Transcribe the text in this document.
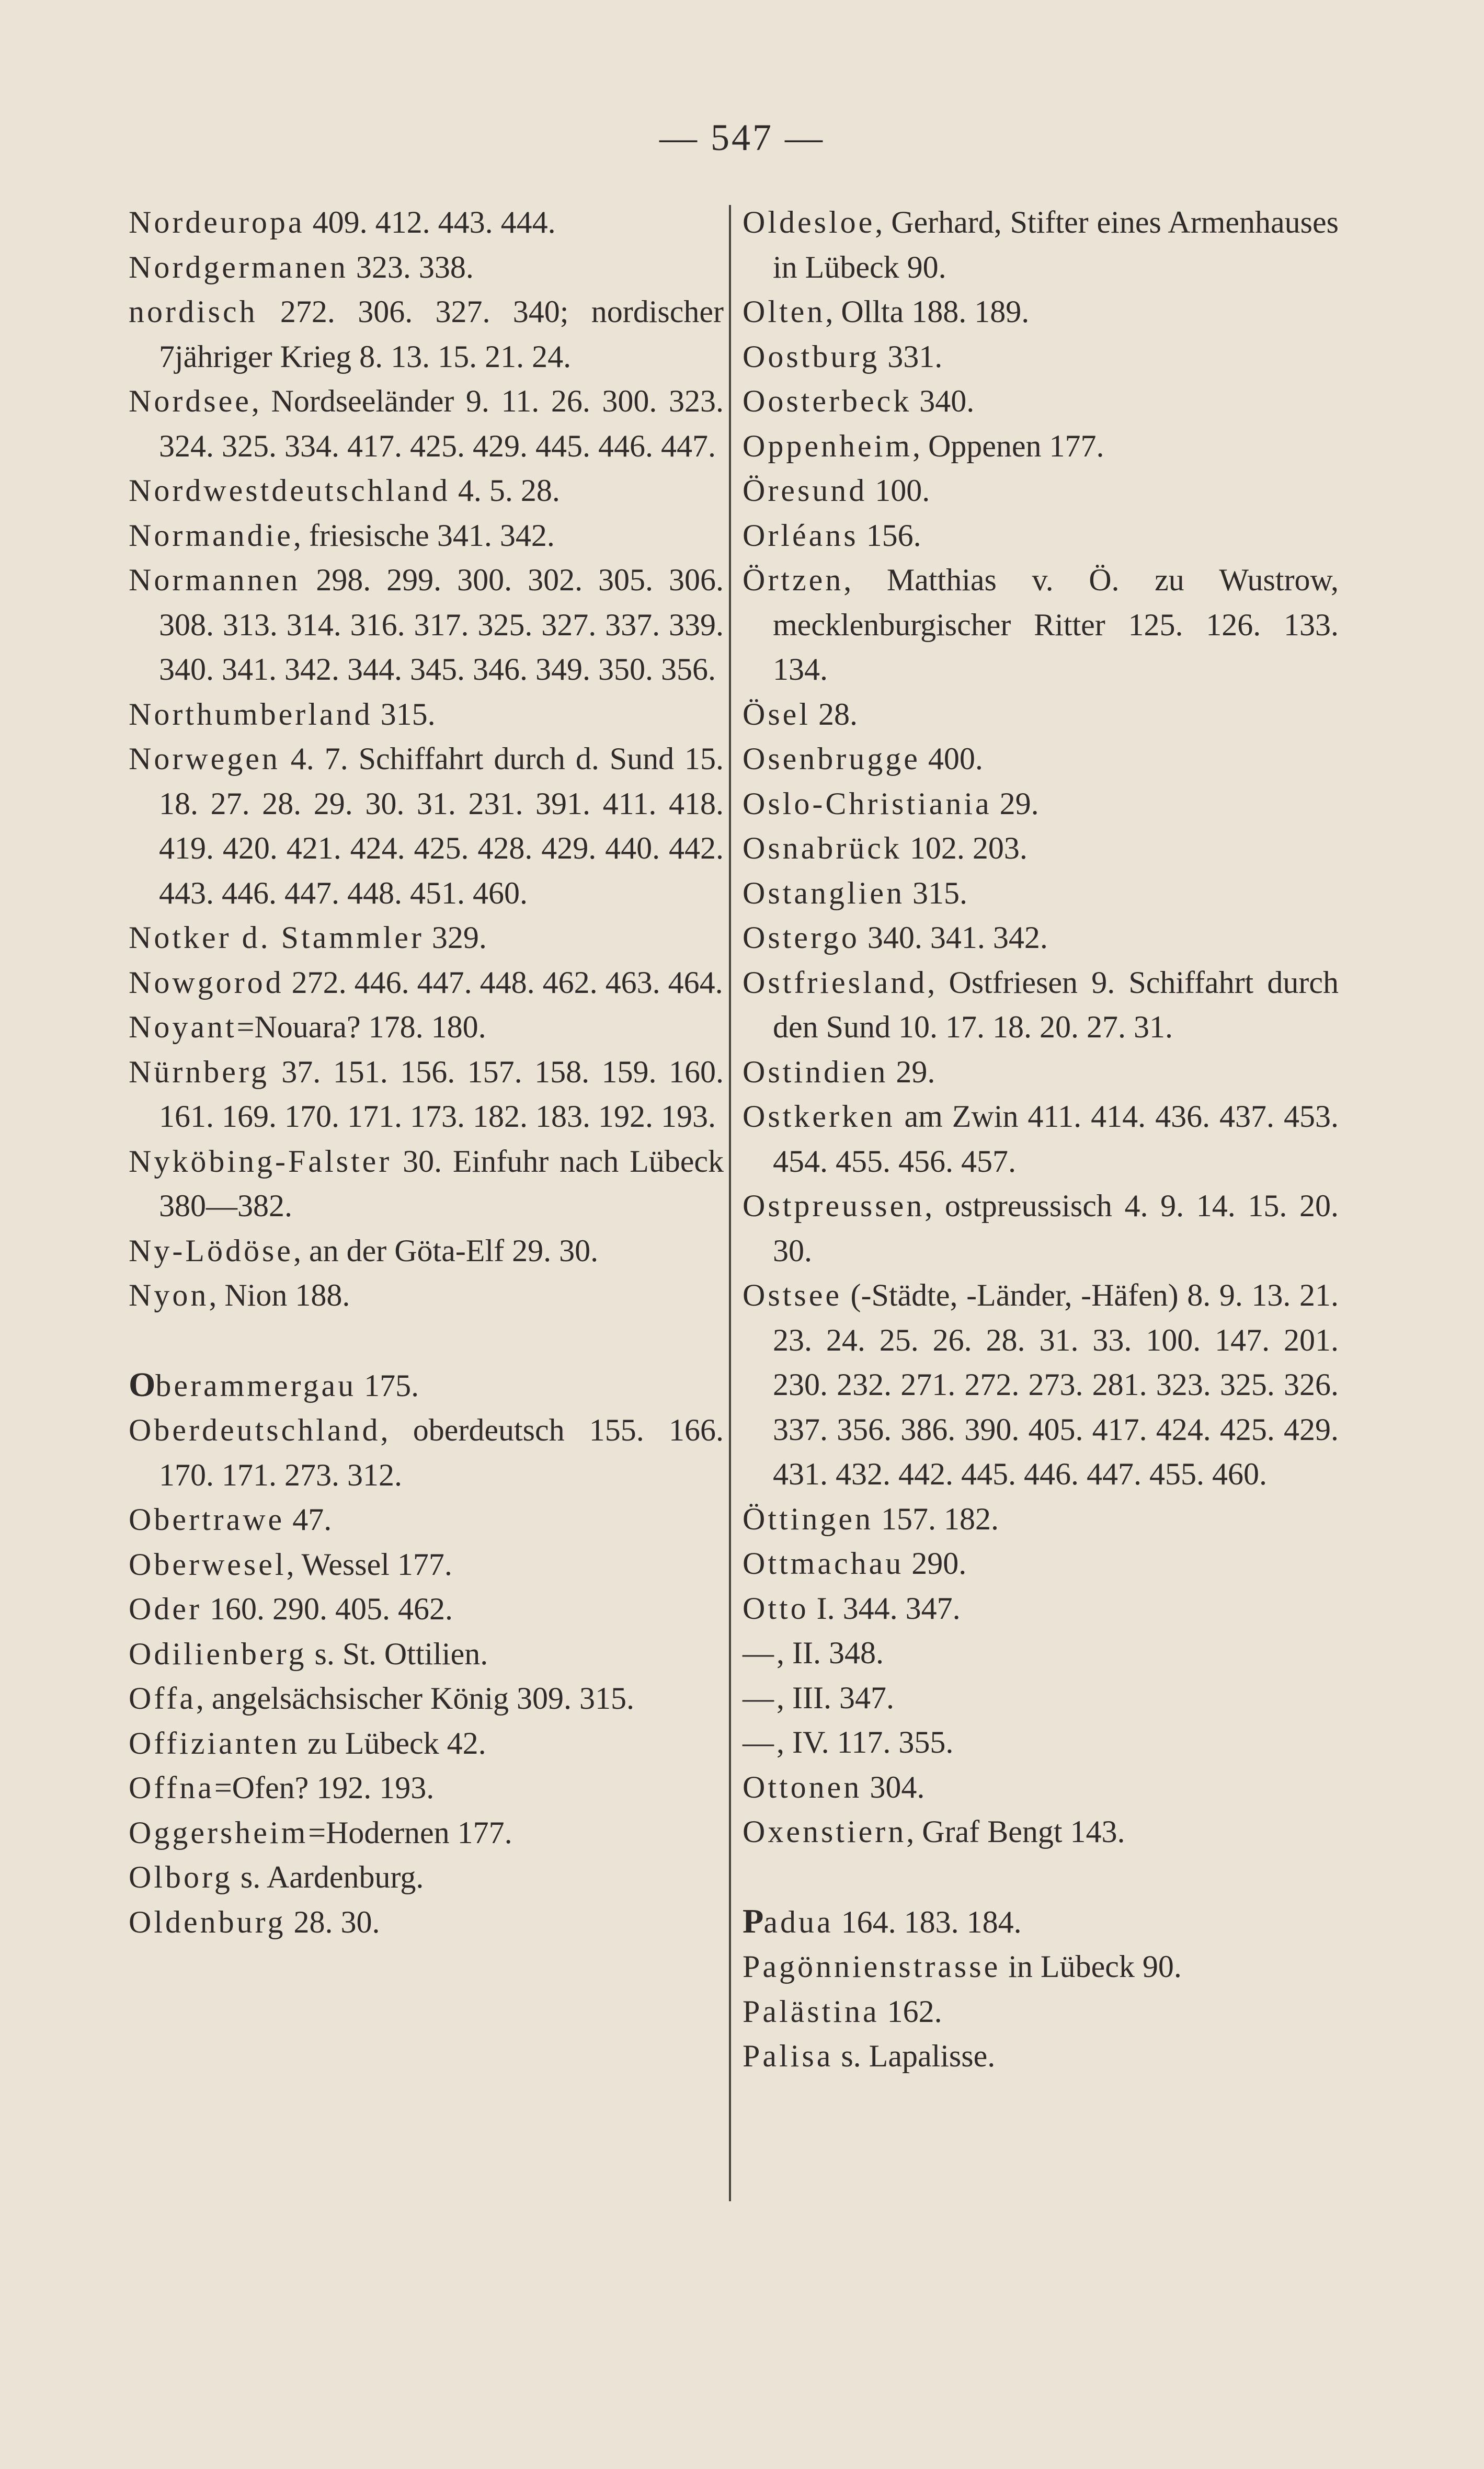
— 547 —
Nordeuropa 409. 412. 443. 444.
Nordgermanen 323. 338.
nordisch 272. 306. 327. 340; nordischer 7jähriger Krieg 8. 13. 15. 21. 24.
Nordsee, Nordseeländer 9. 11. 26. 300. 323. 324. 325. 334. 417. 425. 429. 445. 446. 447.
Nordwestdeutschland 4. 5. 28.
Normandie, friesische 341. 342.
Normannen 298. 299. 300. 302. 305. 306. 308. 313. 314. 316. 317. 325. 327. 337. 339. 340. 341. 342. 344. 345. 346. 349. 350. 356.
Northumberland 315.
Norwegen 4. 7. Schiffahrt durch d. Sund 15. 18. 27. 28. 29. 30. 31. 231. 391. 411. 418. 419. 420. 421. 424. 425. 428. 429. 440. 442. 443. 446. 447. 448. 451. 460.
Notker d. Stammler 329.
Nowgorod 272. 446. 447. 448. 462. 463. 464.
Noyant=Nouara? 178. 180.
Nürnberg 37. 151. 156. 157. 158. 159. 160. 161. 169. 170. 171. 173. 182. 183. 192. 193.
Nyköbing-Falster 30. Einfuhr nach Lübeck 380—382.
Ny-Lödöse, an der Göta-Elf 29. 30.
Nyon, Nion 188.
Oberammergau 175.
Oberdeutschland, oberdeutsch 155. 166. 170. 171. 273. 312.
Obertrawe 47.
Oberwesel, Wessel 177.
Oder 160. 290. 405. 462.
Odilienberg s. St. Ottilien.
Offa, angelsächsischer König 309. 315.
Offizianten zu Lübeck 42.
Offna=Ofen? 192. 193.
Oggersheim=Hodernen 177.
Olborg s. Aardenburg.
Oldenburg 28. 30.
Oldesloe, Gerhard, Stifter eines Armenhauses in Lübeck 90.
Olten, Ollta 188. 189.
Oostburg 331.
Oosterbeck 340.
Oppenheim, Oppenen 177.
Öresund 100.
Orléans 156.
Örtzen, Matthias v. Ö. zu Wustrow, mecklenburgischer Ritter 125. 126. 133. 134.
Ösel 28.
Osenbrugge 400.
Oslo-Christiania 29.
Osnabrück 102. 203.
Ostanglien 315.
Ostergo 340. 341. 342.
Ostfriesland, Ostfriesen 9. Schiffahrt durch den Sund 10. 17. 18. 20. 27. 31.
Ostindien 29.
Ostkerken am Zwin 411. 414. 436. 437. 453. 454. 455. 456. 457.
Ostpreussen, ostpreussisch 4. 9. 14. 15. 20. 30.
Ostsee (-Städte, -Länder, -Häfen) 8. 9. 13. 21. 23. 24. 25. 26. 28. 31. 33. 100. 147. 201. 230. 232. 271. 272. 273. 281. 323. 325. 326. 337. 356. 386. 390. 405. 417. 424. 425. 429. 431. 432. 442. 445. 446. 447. 455. 460.
Öttingen 157. 182.
Ottmachau 290.
Otto I. 344. 347.
—, II. 348.
—, III. 347.
—, IV. 117. 355.
Ottonen 304.
Oxenstiern, Graf Bengt 143.
Padua 164. 183. 184.
Pagönnienstrasse in Lübeck 90.
Palästina 162.
Palisa s. Lapalisse.
